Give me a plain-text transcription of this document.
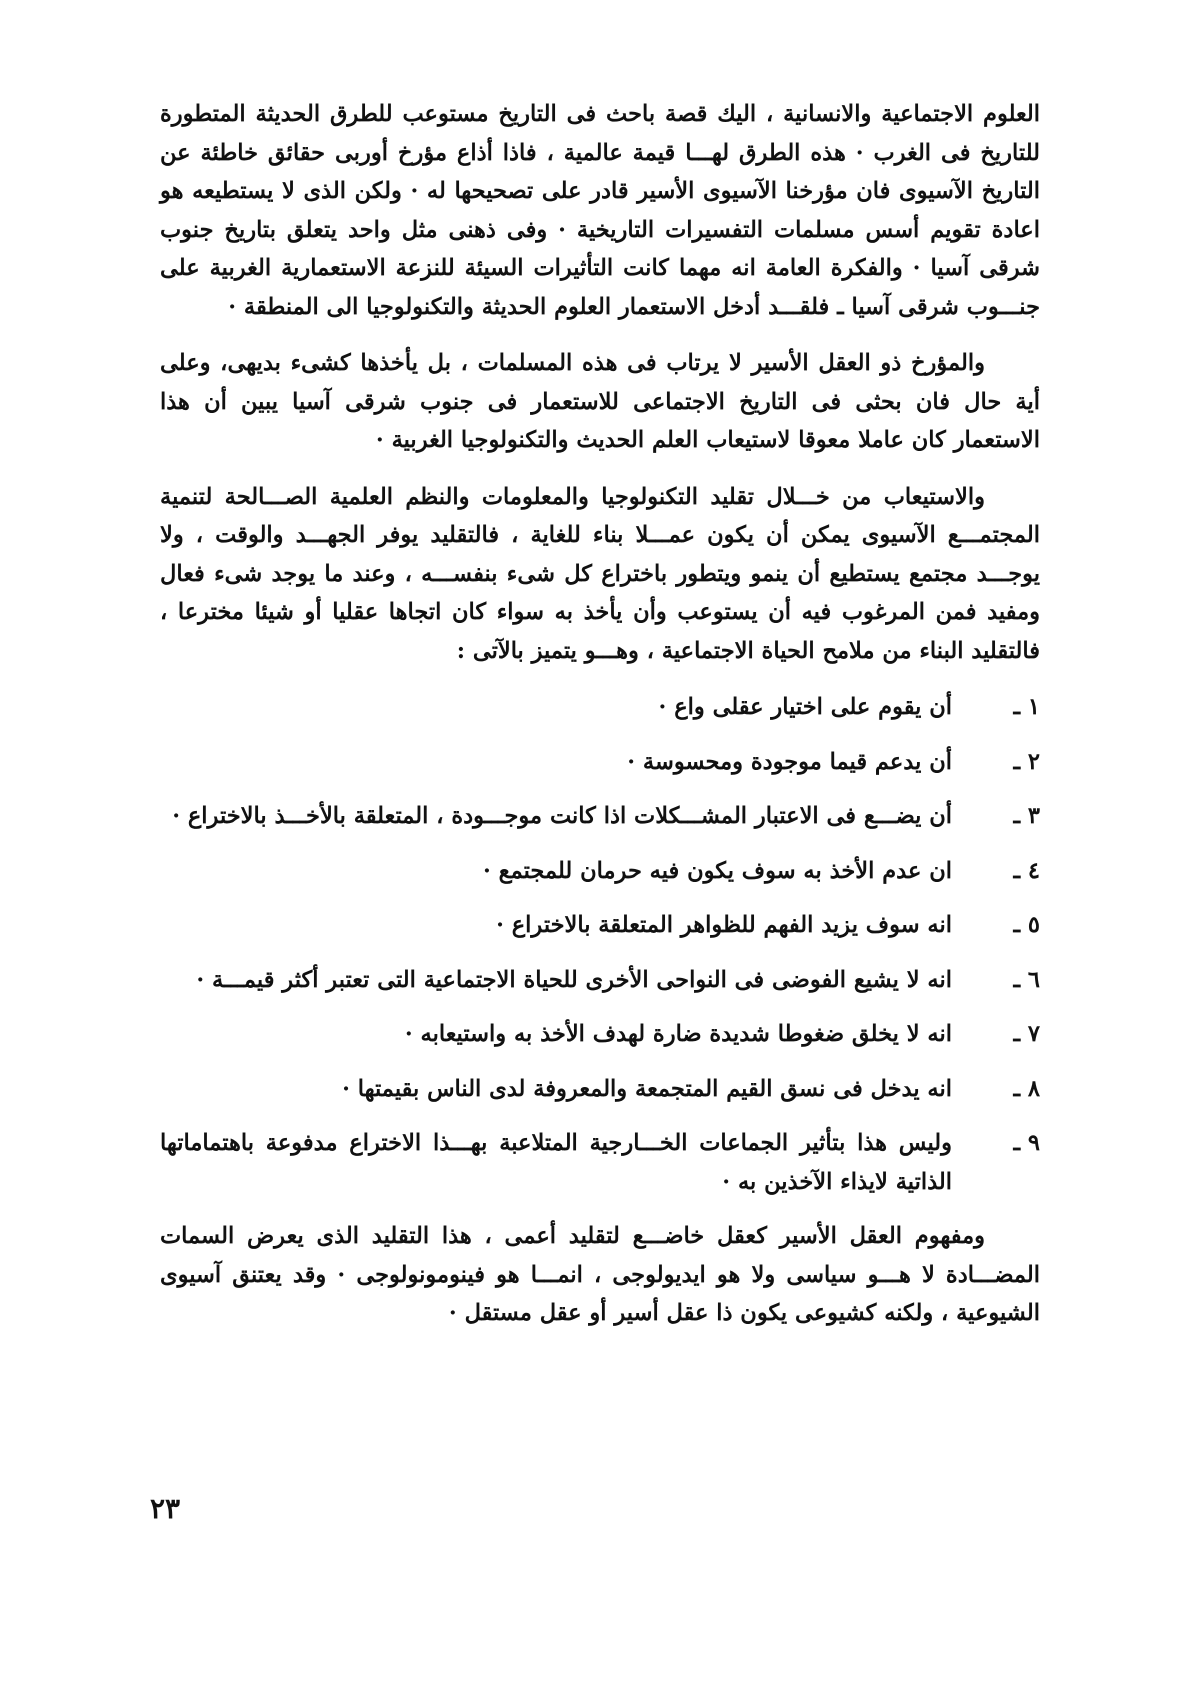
العلوم الاجتماعية والانسانية ، اليك قصة باحث فى التاريخ مستوعب للطرق الحديثة المتطورة للتاريخ فى الغرب · هذه الطرق لهـــا قيمة عالمية ، فاذا أذاع مؤرخ أوربى حقائق خاطئة عن التاريخ الآسيوى فان مؤرخنا الآسيوى الأسير قادر على تصحيحها له · ولكن الذى لا يستطيعه هو اعادة تقويم أسس مسلمات التفسيرات التاريخية · وفى ذهنى مثل واحد يتعلق بتاريخ جنوب شرقى آسيا · والفكرة العامة انه مهما كانت التأثيرات السيئة للنزعة الاستعمارية الغربية على جنـــوب شرقى آسيا ـ فلقـــد أدخل الاستعمار العلوم الحديثة والتكنولوجيا الى المنطقة ·

والمؤرخ ذو العقل الأسير لا يرتاب فى هذه المسلمات ، بل يأخذها كشىء بديهى، وعلى أية حال فان بحثى فى التاريخ الاجتماعى للاستعمار فى جنوب شرقى آسيا يبين أن هذا الاستعمار كان عاملا معوقا لاستيعاب العلم الحديث والتكنولوجيا الغربية ·

والاستيعاب من خـــلال تقليد التكنولوجيا والمعلومات والنظم العلمية الصـــالحة لتنمية المجتمـــع الآسيوى يمكن أن يكون عمـــلا بناء للغاية ، فالتقليد يوفر الجهـــد والوقت ، ولا يوجـــد مجتمع يستطيع أن ينمو ويتطور باختراع كل شىء بنفســـه ، وعند ما يوجد شىء فعال ومفيد فمن المرغوب فيه أن يستوعب وأن يأخذ به سواء كان اتجاها عقليا أو شيئا مخترعا ، فالتقليد البناء من ملامح الحياة الاجتماعية ، وهـــو يتميز بالآتى :

١ ـ
أن يقوم على اختيار عقلى واع ·
٢ ـ
أن يدعم قيما موجودة ومحسوسة ·
٣ ـ
أن يضـــع فى الاعتبار المشـــكلات اذا كانت موجـــودة ، المتعلقة بالأخـــذ بالاختراع ·
٤ ـ
ان عدم الأخذ به سوف يكون فيه حرمان للمجتمع ·
٥ ـ
انه سوف يزيد الفهم للظواهر المتعلقة بالاختراع ·
٦ ـ
انه لا يشيع الفوضى فى النواحى الأخرى للحياة الاجتماعية التى تعتبر أكثر قيمـــة ·
٧ ـ
انه لا يخلق ضغوطا شديدة ضارة لهدف الأخذ به واستيعابه ·
٨ ـ
انه يدخل فى نسق القيم المتجمعة والمعروفة لدى الناس بقيمتها ·
٩ ـ
وليس هذا بتأثير الجماعات الخـــارجية المتلاعبة بهـــذا الاختراع مدفوعة باهتماماتها الذاتية لايذاء الآخذين به ·

ومفهوم العقل الأسير كعقل خاضـــع لتقليد أعمى ، هذا التقليد الذى يعرض السمات المضـــادة لا هـــو سياسى ولا هو ايديولوجى ، انمـــا هو فينومونولوجى · وقد يعتنق آسيوى الشيوعية ، ولكنه كشيوعى يكون ذا عقل أسير أو عقل مستقل ·

٢٣
